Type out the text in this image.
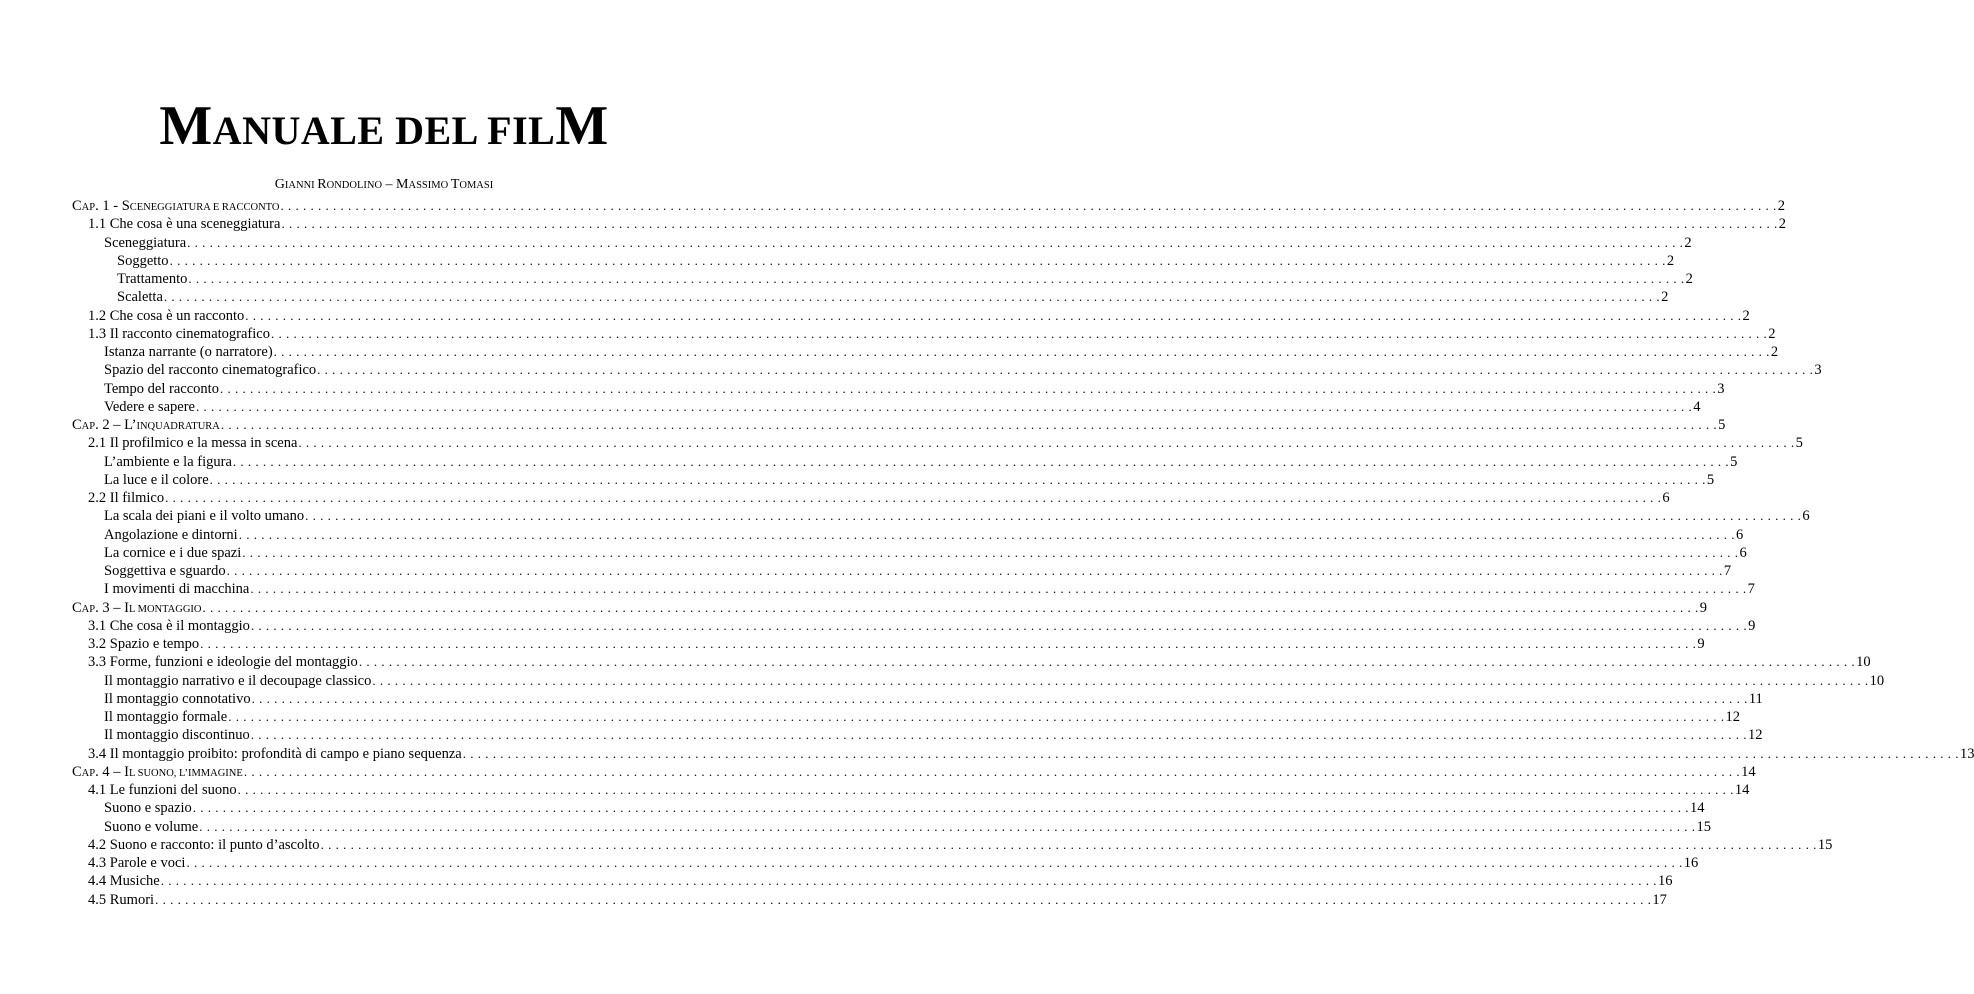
MANUALE DEL FILM
GIANNI RONDOLINO – MASSIMO TOMASI
CAP. 1 - SCENEGGIATURA E RACCONTO . . . . . . . . . . . . . . . . . . . . . . . . . . . . . . . . . . . . . . . . . . . . . . . . . . . . . . . . . . . . . . . . . . . . . . . . . . . . . . . . . . . . . . . . . . . . . . . . . . . . . . . . . . . . . . . . . . . . . . . . . . . . . . . . . . . . . . . . . . . . . . . . . . . . . . . . . . . . . . . . . . . . . . . . . . . . . . . . . . . . . . . . . . . . . . . . . . . . . . . . 2
1.1 Che cosa è una sceneggiatura . . . . . . . . . . . . . . . . . . . . . . . . . . . . . . . . . . . . . . . . . . . . . . . . . . . . . . . . . . . . . . . . . . . . . . . . . . . . . . . . . . . . . . . . . . . . . . . . . . . . . . . . . . . . . . . . . . . . . . . . . . . . . . . . . . . . . . . . . . . . . . . . . . . . . . . . . . . . . . . . . . . . . . . . . . . . . . . . . . . . . . . . . . . . . . . . . . . . . . . . 2
Sceneggiatura . . . . . . . . . . . . . . . . . . . . . . . . . . . . . . . . . . . . . . . . . . . . . . . . . . . . . . . . . . . . . . . . . . . . . . . . . . . . . . . . . . . . . . . . . . . . . . . . . . . . . . . . . . . . . . . . . . . . . . . . . . . . . . . . . . . . . . . . . . . . . . . . . . . . . . . . . . . . . . . . . . . . . . . . . . . . . . . . . . . . . . . . . . . . . . . . . . . . . . . . 2
Soggetto . . . . . . . . . . . . . . . . . . . . . . . . . . . . . . . . . . . . . . . . . . . . . . . . . . . . . . . . . . . . . . . . . . . . . . . . . . . . . . . . . . . . . . . . . . . . . . . . . . . . . . . . . . . . . . . . . . . . . . . . . . . . . . . . . . . . . . . . . . . . . . . . . . . . . . . . . . . . . . . . . . . . . . . . . . . . . . . . . . . . . . . . . . . . . . . . . . . . . . . . 2
Trattamento . . . . . . . . . . . . . . . . . . . . . . . . . . . . . . . . . . . . . . . . . . . . . . . . . . . . . . . . . . . . . . . . . . . . . . . . . . . . . . . . . . . . . . . . . . . . . . . . . . . . . . . . . . . . . . . . . . . . . . . . . . . . . . . . . . . . . . . . . . . . . . . . . . . . . . . . . . . . . . . . . . . . . . . . . . . . . . . . . . . . . . . . . . . . . . . . . . . . . . . . 2
Scaletta . . . . . . . . . . . . . . . . . . . . . . . . . . . . . . . . . . . . . . . . . . . . . . . . . . . . . . . . . . . . . . . . . . . . . . . . . . . . . . . . . . . . . . . . . . . . . . . . . . . . . . . . . . . . . . . . . . . . . . . . . . . . . . . . . . . . . . . . . . . . . . . . . . . . . . . . . . . . . . . . . . . . . . . . . . . . . . . . . . . . . . . . . . . . . . . . . . . . . . . . 2
1.2 Che cosa è un racconto . . . . . . . . . . . . . . . . . . . . . . . . . . . . . . . . . . . . . . . . . . . . . . . . . . . . . . . . . . . . . . . . . . . . . . . . . . . . . . . . . . . . . . . . . . . . . . . . . . . . . . . . . . . . . . . . . . . . . . . . . . . . . . . . . . . . . . . . . . . . . . . . . . . . . . . . . . . . . . . . . . . . . . . . . . . . . . . . . . . . . . . . . . . . . . . . . . . . . . . . 2
1.3 Il racconto cinematografico . . . . . . . . . . . . . . . . . . . . . . . . . . . . . . . . . . . . . . . . . . . . . . . . . . . . . . . . . . . . . . . . . . . . . . . . . . . . . . . . . . . . . . . . . . . . . . . . . . . . . . . . . . . . . . . . . . . . . . . . . . . . . . . . . . . . . . . . . . . . . . . . . . . . . . . . . . . . . . . . . . . . . . . . . . . . . . . . . . . . . . . . . . . . . . . . . . . . . . . . 2
Istanza narrante (o narratore) . . . . . . . . . . . . . . . . . . . . . . . . . . . . . . . . . . . . . . . . . . . . . . . . . . . . . . . . . . . . . . . . . . . . . . . . . . . . . . . . . . . . . . . . . . . . . . . . . . . . . . . . . . . . . . . . . . . . . . . . . . . . . . . . . . . . . . . . . . . . . . . . . . . . . . . . . . . . . . . . . . . . . . . . . . . . . . . . . . . . . . . . . . . . . . . . . . . . . . . . 2
Spazio del racconto cinematografico . . . . . . . . . . . . . . . . . . . . . . . . . . . . . . . . . . . . . . . . . . . . . . . . . . . . . . . . . . . . . . . . . . . . . . . . . . . . . . . . . . . . . . . . . . . . . . . . . . . . . . . . . . . . . . . . . . . . . . . . . . . . . . . . . . . . . . . . . . . . . . . . . . . . . . . . . . . . . . . . . . . . . . . . . . . . . . . . . . . . . . . . . . . . . . . . . . . . . . . . 3
Tempo del racconto . . . . . . . . . . . . . . . . . . . . . . . . . . . . . . . . . . . . . . . . . . . . . . . . . . . . . . . . . . . . . . . . . . . . . . . . . . . . . . . . . . . . . . . . . . . . . . . . . . . . . . . . . . . . . . . . . . . . . . . . . . . . . . . . . . . . . . . . . . . . . . . . . . . . . . . . . . . . . . . . . . . . . . . . . . . . . . . . . . . . . . . . . . . . . . . . . . . . . . . . 3
Vedere e sapere . . . . . . . . . . . . . . . . . . . . . . . . . . . . . . . . . . . . . . . . . . . . . . . . . . . . . . . . . . . . . . . . . . . . . . . . . . . . . . . . . . . . . . . . . . . . . . . . . . . . . . . . . . . . . . . . . . . . . . . . . . . . . . . . . . . . . . . . . . . . . . . . . . . . . . . . . . . . . . . . . . . . . . . . . . . . . . . . . . . . . . . . . . . . . . . . . . . . . . . . 4
CAP. 2 – L’INQUADRATURA . . . . . . . . . . . . . . . . . . . . . . . . . . . . . . . . . . . . . . . . . . . . . . . . . . . . . . . . . . . . . . . . . . . . . . . . . . . . . . . . . . . . . . . . . . . . . . . . . . . . . . . . . . . . . . . . . . . . . . . . . . . . . . . . . . . . . . . . . . . . . . . . . . . . . . . . . . . . . . . . . . . . . . . . . . . . . . . . . . . . . . . . . . . . . . . . . . . . . . . . 5
2.1 Il profilmico e la messa in scena . . . . . . . . . . . . . . . . . . . . . . . . . . . . . . . . . . . . . . . . . . . . . . . . . . . . . . . . . . . . . . . . . . . . . . . . . . . . . . . . . . . . . . . . . . . . . . . . . . . . . . . . . . . . . . . . . . . . . . . . . . . . . . . . . . . . . . . . . . . . . . . . . . . . . . . . . . . . . . . . . . . . . . . . . . . . . . . . . . . . . . . . . . . . . . . . . . . . . . . . 5
L’ambiente e la figura . . . . . . . . . . . . . . . . . . . . . . . . . . . . . . . . . . . . . . . . . . . . . . . . . . . . . . . . . . . . . . . . . . . . . . . . . . . . . . . . . . . . . . . . . . . . . . . . . . . . . . . . . . . . . . . . . . . . . . . . . . . . . . . . . . . . . . . . . . . . . . . . . . . . . . . . . . . . . . . . . . . . . . . . . . . . . . . . . . . . . . . . . . . . . . . . . . . . . . . . 5
La luce e il colore . . . . . . . . . . . . . . . . . . . . . . . . . . . . . . . . . . . . . . . . . . . . . . . . . . . . . . . . . . . . . . . . . . . . . . . . . . . . . . . . . . . . . . . . . . . . . . . . . . . . . . . . . . . . . . . . . . . . . . . . . . . . . . . . . . . . . . . . . . . . . . . . . . . . . . . . . . . . . . . . . . . . . . . . . . . . . . . . . . . . . . . . . . . . . . . . . . . . . . . . 5
2.2 Il filmico . . . . . . . . . . . . . . . . . . . . . . . . . . . . . . . . . . . . . . . . . . . . . . . . . . . . . . . . . . . . . . . . . . . . . . . . . . . . . . . . . . . . . . . . . . . . . . . . . . . . . . . . . . . . . . . . . . . . . . . . . . . . . . . . . . . . . . . . . . . . . . . . . . . . . . . . . . . . . . . . . . . . . . . . . . . . . . . . . . . . . . . . . . . . . . . . . . . . . . . . 6
La scala dei piani e il volto umano . . . . . . . . . . . . . . . . . . . . . . . . . . . . . . . . . . . . . . . . . . . . . . . . . . . . . . . . . . . . . . . . . . . . . . . . . . . . . . . . . . . . . . . . . . . . . . . . . . . . . . . . . . . . . . . . . . . . . . . . . . . . . . . . . . . . . . . . . . . . . . . . . . . . . . . . . . . . . . . . . . . . . . . . . . . . . . . . . . . . . . . . . . . . . . . . . . . . . . . . 6
Angolazione e dintorni . . . . . . . . . . . . . . . . . . . . . . . . . . . . . . . . . . . . . . . . . . . . . . . . . . . . . . . . . . . . . . . . . . . . . . . . . . . . . . . . . . . . . . . . . . . . . . . . . . . . . . . . . . . . . . . . . . . . . . . . . . . . . . . . . . . . . . . . . . . . . . . . . . . . . . . . . . . . . . . . . . . . . . . . . . . . . . . . . . . . . . . . . . . . . . . . . . . . . . . . 6
La cornice e i due spazi . . . . . . . . . . . . . . . . . . . . . . . . . . . . . . . . . . . . . . . . . . . . . . . . . . . . . . . . . . . . . . . . . . . . . . . . . . . . . . . . . . . . . . . . . . . . . . . . . . . . . . . . . . . . . . . . . . . . . . . . . . . . . . . . . . . . . . . . . . . . . . . . . . . . . . . . . . . . . . . . . . . . . . . . . . . . . . . . . . . . . . . . . . . . . . . . . . . . . . . . 6
Soggettiva e sguardo . . . . . . . . . . . . . . . . . . . . . . . . . . . . . . . . . . . . . . . . . . . . . . . . . . . . . . . . . . . . . . . . . . . . . . . . . . . . . . . . . . . . . . . . . . . . . . . . . . . . . . . . . . . . . . . . . . . . . . . . . . . . . . . . . . . . . . . . . . . . . . . . . . . . . . . . . . . . . . . . . . . . . . . . . . . . . . . . . . . . . . . . . . . . . . . . . . . . . . . . 7
I movimenti di macchina . . . . . . . . . . . . . . . . . . . . . . . . . . . . . . . . . . . . . . . . . . . . . . . . . . . . . . . . . . . . . . . . . . . . . . . . . . . . . . . . . . . . . . . . . . . . . . . . . . . . . . . . . . . . . . . . . . . . . . . . . . . . . . . . . . . . . . . . . . . . . . . . . . . . . . . . . . . . . . . . . . . . . . . . . . . . . . . . . . . . . . . . . . . . . . . . . . . . . . . . 7
CAP. 3 – IL MONTAGGIO . . . . . . . . . . . . . . . . . . . . . . . . . . . . . . . . . . . . . . . . . . . . . . . . . . . . . . . . . . . . . . . . . . . . . . . . . . . . . . . . . . . . . . . . . . . . . . . . . . . . . . . . . . . . . . . . . . . . . . . . . . . . . . . . . . . . . . . . . . . . . . . . . . . . . . . . . . . . . . . . . . . . . . . . . . . . . . . . . . . . . . . . . . . . . . . . . . . . . . . . 9
3.1 Che cosa è il montaggio . . . . . . . . . . . . . . . . . . . . . . . . . . . . . . . . . . . . . . . . . . . . . . . . . . . . . . . . . . . . . . . . . . . . . . . . . . . . . . . . . . . . . . . . . . . . . . . . . . . . . . . . . . . . . . . . . . . . . . . . . . . . . . . . . . . . . . . . . . . . . . . . . . . . . . . . . . . . . . . . . . . . . . . . . . . . . . . . . . . . . . . . . . . . . . . . . . . . . . . . 9
3.2 Spazio e tempo . . . . . . . . . . . . . . . . . . . . . . . . . . . . . . . . . . . . . . . . . . . . . . . . . . . . . . . . . . . . . . . . . . . . . . . . . . . . . . . . . . . . . . . . . . . . . . . . . . . . . . . . . . . . . . . . . . . . . . . . . . . . . . . . . . . . . . . . . . . . . . . . . . . . . . . . . . . . . . . . . . . . . . . . . . . . . . . . . . . . . . . . . . . . . . . . . . . . . . . . 9
3.3 Forme, funzioni e ideologie del montaggio . . . . . . . . . . . . . . . . . . . . . . . . . . . . . . . . . . . . . . . . . . . . . . . . . . . . . . . . . . . . . . . . . . . . . . . . . . . . . . . . . . . . . . . . . . . . . . . . . . . . . . . . . . . . . . . . . . . . . . . . . . . . . . . . . . . . . . . . . . . . . . . . . . . . . . . . . . . . . . . . . . . . . . . . . . . . . . . . . . . . . . . . . . . . . . . . . . . . . . . . 10
Il montaggio narrativo e il decoupage classico . . . . . . . . . . . . . . . . . . . . . . . . . . . . . . . . . . . . . . . . . . . . . . . . . . . . . . . . . . . . . . . . . . . . . . . . . . . . . . . . . . . . . . . . . . . . . . . . . . . . . . . . . . . . . . . . . . . . . . . . . . . . . . . . . . . . . . . . . . . . . . . . . . . . . . . . . . . . . . . . . . . . . . . . . . . . . . . . . . . . . . . . . . . . . . . . . . . . . . . . 10
Il montaggio connotativo . . . . . . . . . . . . . . . . . . . . . . . . . . . . . . . . . . . . . . . . . . . . . . . . . . . . . . . . . . . . . . . . . . . . . . . . . . . . . . . . . . . . . . . . . . . . . . . . . . . . . . . . . . . . . . . . . . . . . . . . . . . . . . . . . . . . . . . . . . . . . . . . . . . . . . . . . . . . . . . . . . . . . . . . . . . . . . . . . . . . . . . . . . . . . . . . . . . . . . . . 11
Il montaggio formale . . . . . . . . . . . . . . . . . . . . . . . . . . . . . . . . . . . . . . . . . . . . . . . . . . . . . . . . . . . . . . . . . . . . . . . . . . . . . . . . . . . . . . . . . . . . . . . . . . . . . . . . . . . . . . . . . . . . . . . . . . . . . . . . . . . . . . . . . . . . . . . . . . . . . . . . . . . . . . . . . . . . . . . . . . . . . . . . . . . . . . . . . . . . . . . . . . . . . . . . 12
Il montaggio discontinuo . . . . . . . . . . . . . . . . . . . . . . . . . . . . . . . . . . . . . . . . . . . . . . . . . . . . . . . . . . . . . . . . . . . . . . . . . . . . . . . . . . . . . . . . . . . . . . . . . . . . . . . . . . . . . . . . . . . . . . . . . . . . . . . . . . . . . . . . . . . . . . . . . . . . . . . . . . . . . . . . . . . . . . . . . . . . . . . . . . . . . . . . . . . . . . . . . . . . . . . . 12
3.4 Il montaggio proibito: profondità di campo e piano sequenza . . . . . . . . . . . . . . . . . . . . . . . . . . . . . . . . . . . . . . . . . . . . . . . . . . . . . . . . . . . . . . . . . . . . . . . . . . . . . . . . . . . . . . . . . . . . . . . . . . . . . . . . . . . . . . . . . . . . . . . . . . . . . . . . . . . . . . . . . . . . . . . . . . . . . . . . . . . . . . . . . . . . . . . . . . . . . . . . . . . . . . . . . . . . . . . . . . . . . . . . 13
CAP. 4 – IL SUONO, L’IMMAGINE . . . . . . . . . . . . . . . . . . . . . . . . . . . . . . . . . . . . . . . . . . . . . . . . . . . . . . . . . . . . . . . . . . . . . . . . . . . . . . . . . . . . . . . . . . . . . . . . . . . . . . . . . . . . . . . . . . . . . . . . . . . . . . . . . . . . . . . . . . . . . . . . . . . . . . . . . . . . . . . . . . . . . . . . . . . . . . . . . . . . . . . . . . . . . . . . . . . . . . . . 14
4.1 Le funzioni del suono . . . . . . . . . . . . . . . . . . . . . . . . . . . . . . . . . . . . . . . . . . . . . . . . . . . . . . . . . . . . . . . . . . . . . . . . . . . . . . . . . . . . . . . . . . . . . . . . . . . . . . . . . . . . . . . . . . . . . . . . . . . . . . . . . . . . . . . . . . . . . . . . . . . . . . . . . . . . . . . . . . . . . . . . . . . . . . . . . . . . . . . . . . . . . . . . . . . . . . . . 14
Suono e spazio . . . . . . . . . . . . . . . . . . . . . . . . . . . . . . . . . . . . . . . . . . . . . . . . . . . . . . . . . . . . . . . . . . . . . . . . . . . . . . . . . . . . . . . . . . . . . . . . . . . . . . . . . . . . . . . . . . . . . . . . . . . . . . . . . . . . . . . . . . . . . . . . . . . . . . . . . . . . . . . . . . . . . . . . . . . . . . . . . . . . . . . . . . . . . . . . . . . . . . . . 14
Suono e volume . . . . . . . . . . . . . . . . . . . . . . . . . . . . . . . . . . . . . . . . . . . . . . . . . . . . . . . . . . . . . . . . . . . . . . . . . . . . . . . . . . . . . . . . . . . . . . . . . . . . . . . . . . . . . . . . . . . . . . . . . . . . . . . . . . . . . . . . . . . . . . . . . . . . . . . . . . . . . . . . . . . . . . . . . . . . . . . . . . . . . . . . . . . . . . . . . . . . . . . . 15
4.2 Suono e racconto: il punto d’ascolto . . . . . . . . . . . . . . . . . . . . . . . . . . . . . . . . . . . . . . . . . . . . . . . . . . . . . . . . . . . . . . . . . . . . . . . . . . . . . . . . . . . . . . . . . . . . . . . . . . . . . . . . . . . . . . . . . . . . . . . . . . . . . . . . . . . . . . . . . . . . . . . . . . . . . . . . . . . . . . . . . . . . . . . . . . . . . . . . . . . . . . . . . . . . . . . . . . . . . . . . 15
4.3 Parole e voci . . . . . . . . . . . . . . . . . . . . . . . . . . . . . . . . . . . . . . . . . . . . . . . . . . . . . . . . . . . . . . . . . . . . . . . . . . . . . . . . . . . . . . . . . . . . . . . . . . . . . . . . . . . . . . . . . . . . . . . . . . . . . . . . . . . . . . . . . . . . . . . . . . . . . . . . . . . . . . . . . . . . . . . . . . . . . . . . . . . . . . . . . . . . . . . . . . . . . . . . 16
4.4 Musiche . . . . . . . . . . . . . . . . . . . . . . . . . . . . . . . . . . . . . . . . . . . . . . . . . . . . . . . . . . . . . . . . . . . . . . . . . . . . . . . . . . . . . . . . . . . . . . . . . . . . . . . . . . . . . . . . . . . . . . . . . . . . . . . . . . . . . . . . . . . . . . . . . . . . . . . . . . . . . . . . . . . . . . . . . . . . . . . . . . . . . . . . . . . . . . . . . . . . . . . . 16
4.5 Rumori . . . . . . . . . . . . . . . . . . . . . . . . . . . . . . . . . . . . . . . . . . . . . . . . . . . . . . . . . . . . . . . . . . . . . . . . . . . . . . . . . . . . . . . . . . . . . . . . . . . . . . . . . . . . . . . . . . . . . . . . . . . . . . . . . . . . . . . . . . . . . . . . . . . . . . . . . . . . . . . . . . . . . . . . . . . . . . . . . . . . . . . . . . . . . . . . . . . . . . . . 17
